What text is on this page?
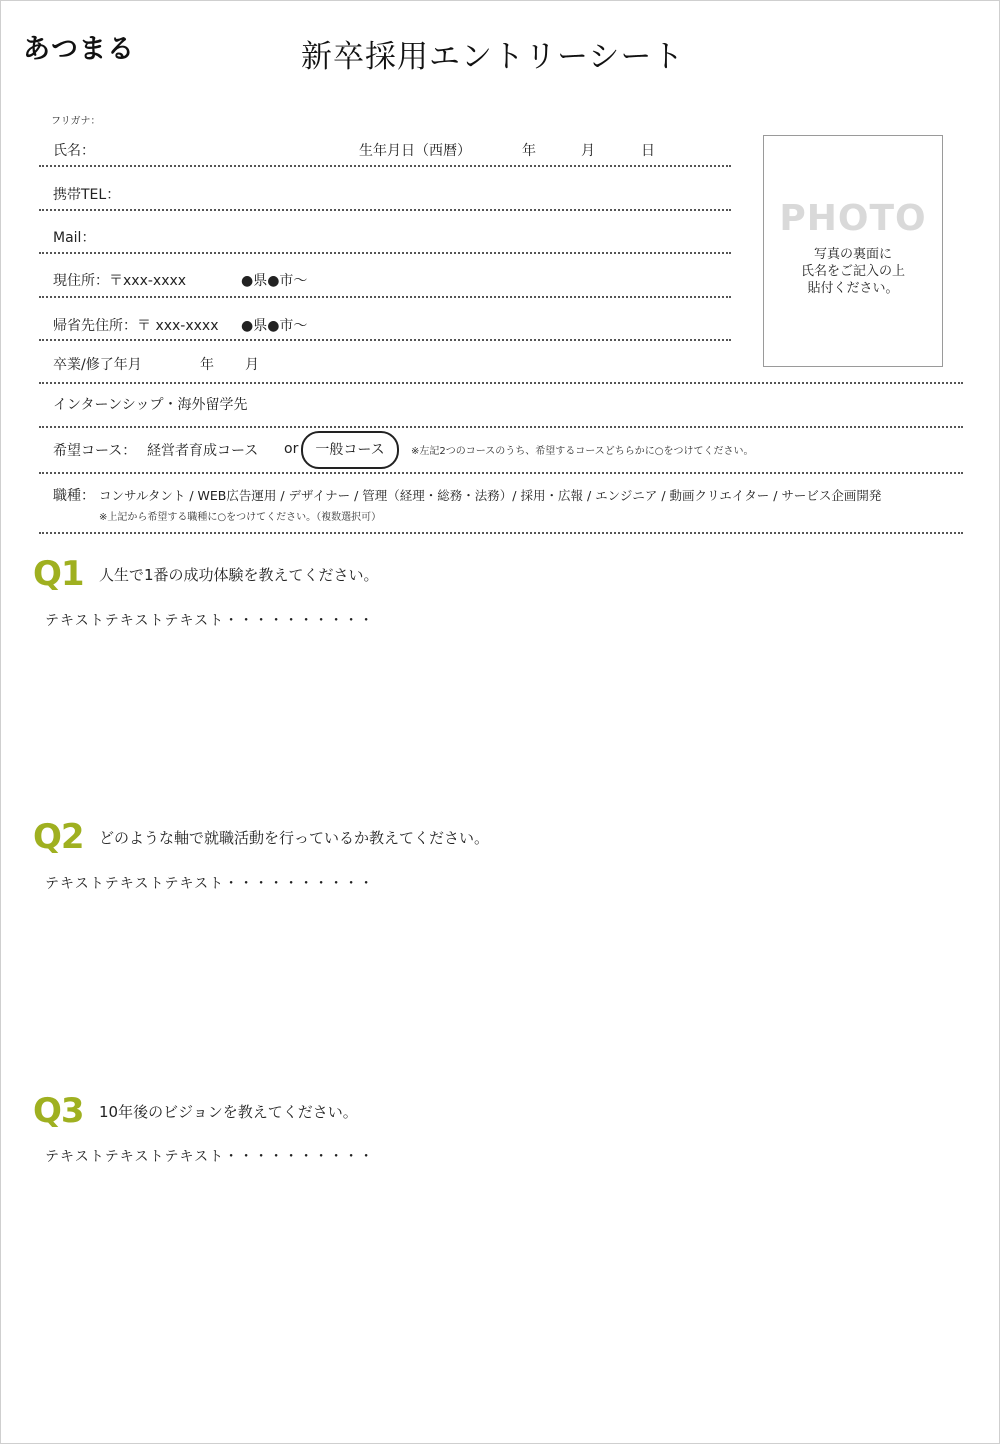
あつまる	新卒採用エントリーシート
フリガナ：
氏名：	生年月日（西暦）	年	月	日
携帯TEL：
Mail：
現住所：〒xxx-xxxx	●県●市〜
帰省先住所：〒 xxx-xxxx ●県●市〜
卒業/修了年月	年 月
インターンシップ・海外留学先
希望コース： 経営者育成コース or	一般コース	※左記2つのコースのうち、希望するコースどちらかに○をつけてください。
職種： コンサルタント / WEB広告運用 / デザイナー / 管理（経理・総務・法務）/ 採用・広報 / エンジニア / 動画クリエイター / サービス企画開発
※上記から希望する職種に○をつけてください。（複数選択可）
PHOTO
写真の裏面に
氏名をご記入の上
貼付ください。
Q1 人生で1番の成功体験を教えてください。
テキストテキストテキスト・・・・・・・・・・
Q2 どのような軸で就職活動を行っているか教えてください。
テキストテキストテキスト・・・・・・・・・・
Q3 10年後のビジョンを教えてください。
テキストテキストテキスト・・・・・・・・・・
